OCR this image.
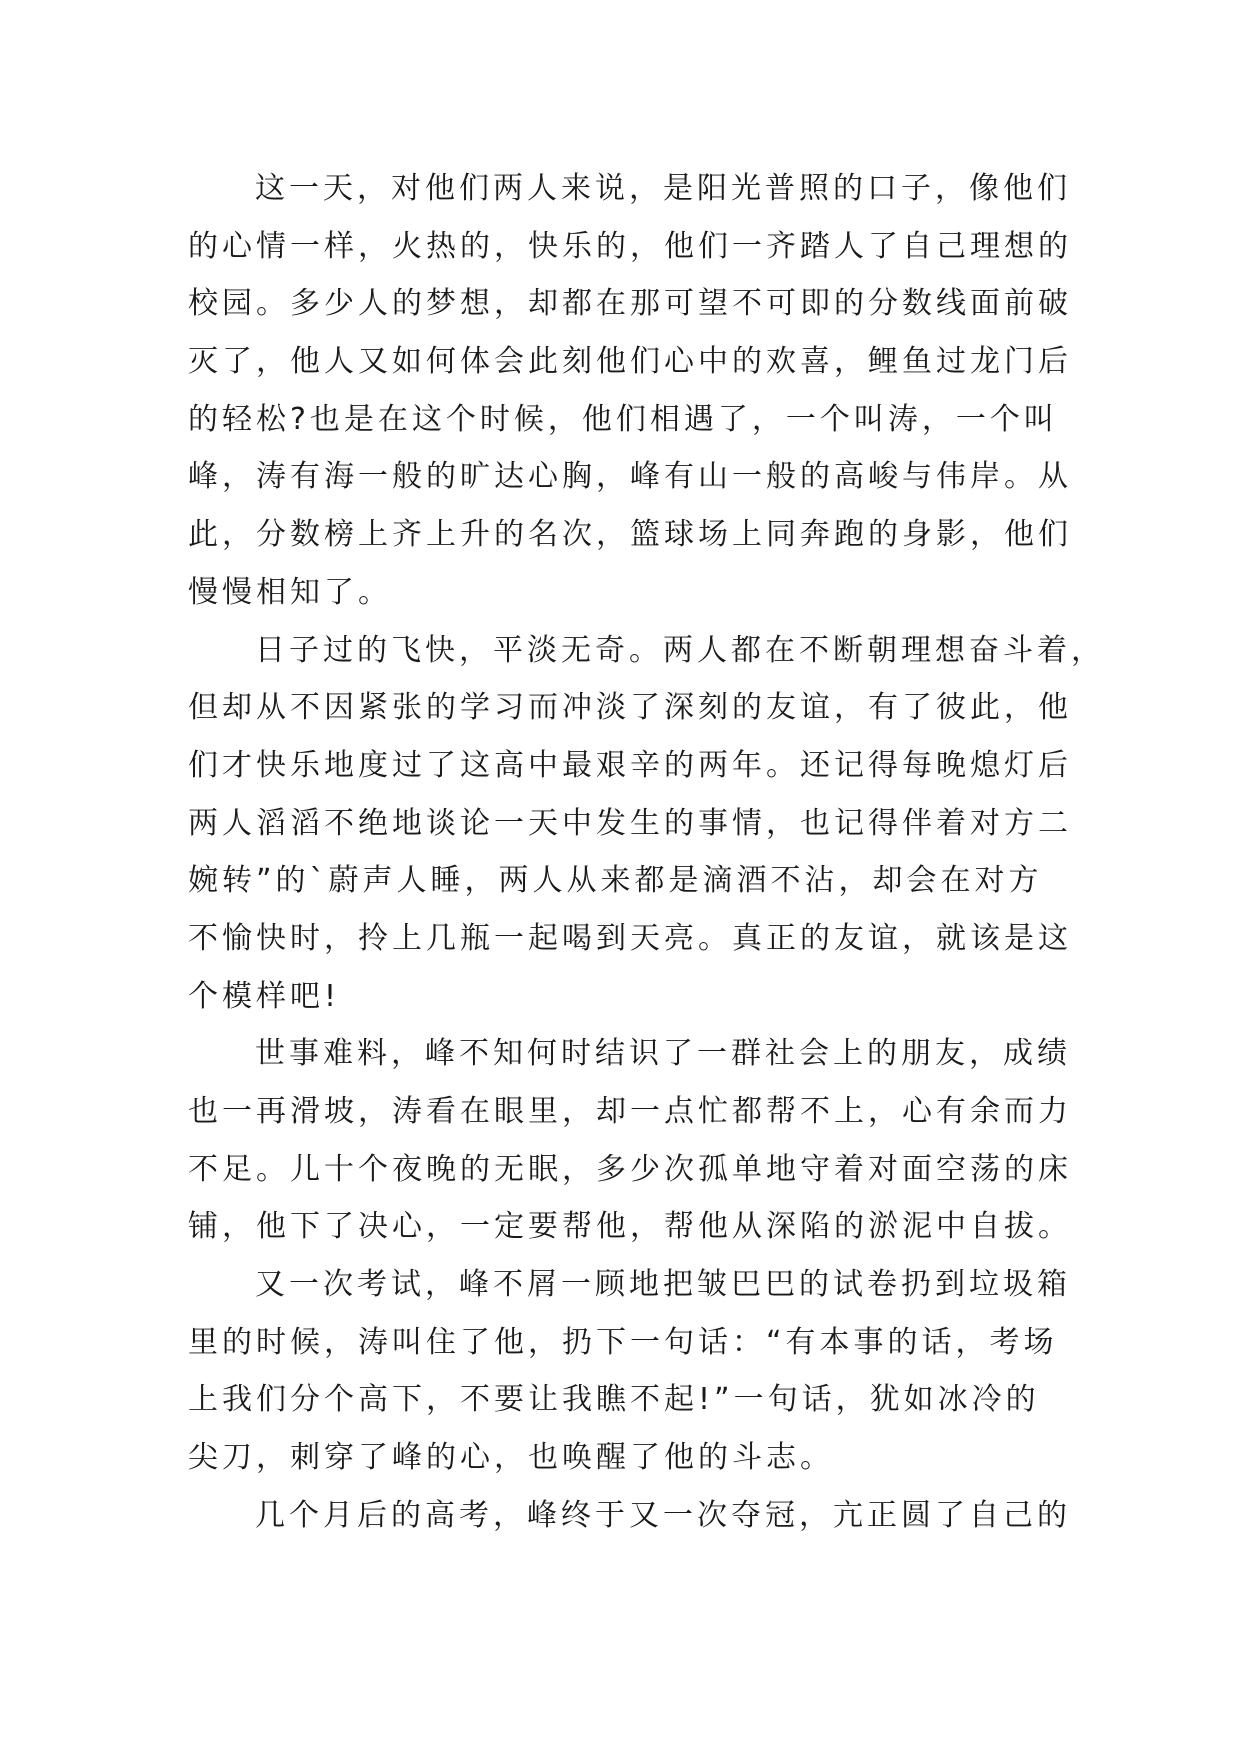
这一天，对他们两人来说，是阳光普照的口子，像他们
的心情一样，火热的，快乐的，他们一齐踏人了自己理想的
校园。多少人的梦想，却都在那可望不可即的分数线面前破
灭了，他人又如何体会此刻他们心中的欢喜，鲤鱼过龙门后
的轻松?也是在这个时候，他们相遇了，一个叫涛，一个叫
峰，涛有海一般的旷达心胸，峰有山一般的高峻与伟岸。从
此，分数榜上齐上升的名次，篮球场上同奔跑的身影，他们
慢慢相知了。
日子过的飞快，平淡无奇。两人都在不断朝理想奋斗着，
但却从不因紧张的学习而冲淡了深刻的友谊，有了彼此，他
们才快乐地度过了这高中最艰辛的两年。还记得每晚熄灯后
两人滔滔不绝地谈论一天中发生的事情，也记得伴着对方二
婉转”的`蔚声人睡，两人从来都是滴酒不沾，却会在对方
不愉快时，拎上几瓶一起喝到天亮。真正的友谊，就该是这
个模样吧!
世事难料，峰不知何时结识了一群社会上的朋友，成绩
也一再滑坡，涛看在眼里，却一点忙都帮不上，心有余而力
不足。儿十个夜晚的无眠，多少次孤单地守着对面空荡的床
铺，他下了决心，一定要帮他，帮他从深陷的淤泥中自拔。
又一次考试，峰不屑一顾地把皱巴巴的试卷扔到垃圾箱
里的时候，涛叫住了他，扔下一句话：“有本事的话，考场
上我们分个高下，不要让我瞧不起!”一句话，犹如冰冷的
尖刀，刺穿了峰的心，也唤醒了他的斗志。
几个月后的高考，峰终于又一次夺冠，亢正圆了自己的
